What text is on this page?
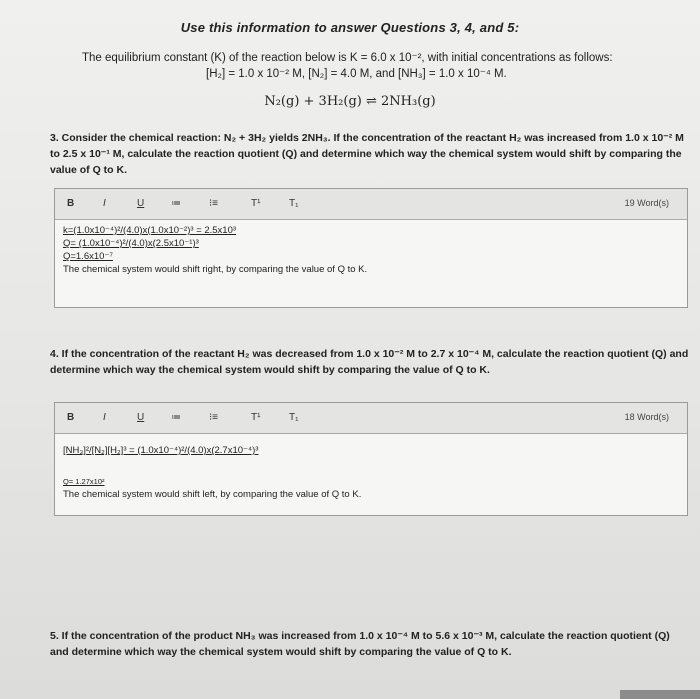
Use this information to answer Questions 3, 4, and 5:
The equilibrium constant (K) of the reaction below is K = 6.0 x 10⁻², with initial concentrations as follows:
[H₂] = 1.0 x 10⁻² M, [N₂] = 4.0 M, and [NH₃] = 1.0 x 10⁻⁴ M.
N₂(g) + 3H₂(g) ⇌ 2NH₃(g)
3. Consider the chemical reaction: N₂ + 3H₂ yields 2NH₃. If the concentration of the reactant H₂ was increased from 1.0 x 10⁻² M to 2.5 x 10⁻¹ M, calculate the reaction quotient (Q) and determine which way the chemical system would shift by comparing the value of Q to K.
B	I	U	≔	⁝≡	T¹	T₁	19 Word(s)
k=(1.0x10⁻⁴)²/(4.0)x(1.0x10⁻²)³ = 2.5x10³
Q= (1.0x10⁻⁴)²/(4.0)x(2.5x10⁻¹)³
Q=1.6x10⁻⁷
The chemical system would shift right, by comparing the value of Q to K.
4. If the concentration of the reactant H₂ was decreased from 1.0 x 10⁻² M to 2.7 x 10⁻⁴ M, calculate the reaction quotient (Q) and determine which way the chemical system would shift by comparing the value of Q to K.
B	I	U	≔	⁝≡	T¹	T₁	18 Word(s)
[NH₃]²/[N₂][H₂]³ = (1.0x10⁻⁴)²/(4.0)x(2.7x10⁻⁴)³
Q= 1.27x10²
The chemical system would shift left, by comparing the value of Q to K.
5. If the concentration of the product NH₃ was increased from 1.0 x 10⁻⁴ M to 5.6 x 10⁻³ M, calculate the reaction quotient (Q) and determine which way the chemical system would shift by comparing the value of Q to K.
